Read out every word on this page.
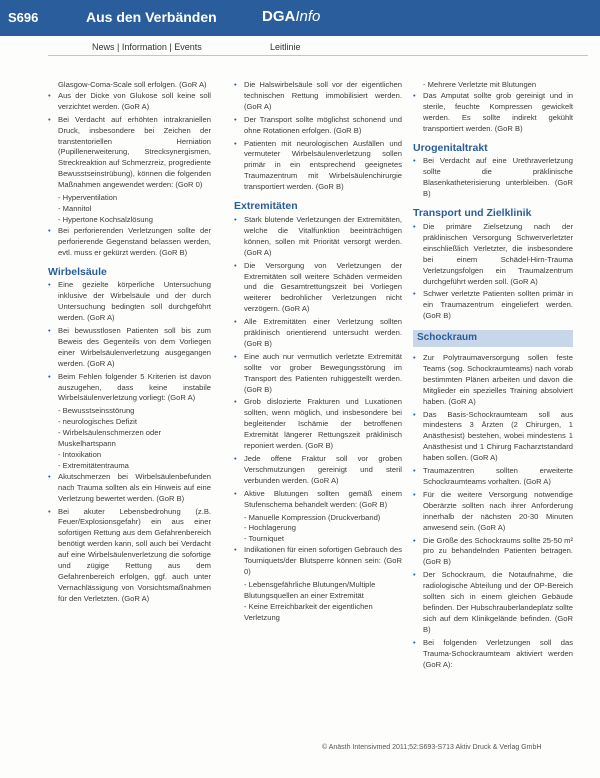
S696	Aus den Verbänden	DGAInfo
News | Information | Events	Leitlinie

Glasgow-Coma-Scale soll erfolgen. (GoR A)

• Aus der Dicke von Glukose soll keine soll verzichtet werden. (GoR A)
• Bei Verdacht auf erhöhten intrakraniellen Druck, insbesondere bei Zeichen der transtentoriellen Herniation (Pupillenerweiterung, Strecksynergismen, Streckreaktion auf Schmerzreiz, progrediente Bewusstseinstrübung), können die folgenden Maßnahmen angewendet werden: (GoR 0)
- Hyperventilation
- Mannitol
- Hypertone Kochsalzlösung
• Bei perforierenden Verletzungen sollte der perforierende Gegenstand belassen werden, evtl. muss er gekürzt werden. (GoR B)
Wirbelsäule
• Eine gezielte körperliche Untersuchung inklusive der Wirbelsäule und der durch Untersuchung bedingten soll durchgeführt werden. (GoR A)
• Bei bewusstlosen Patienten soll bis zum Beweis des Gegenteils von dem Vorliegen einer Wirbelsäulenverletzung ausgegangen werden. (GoR A)
• Beim Fehlen folgender 5 Kriterien ist davon auszugehen, dass keine instabile Wirbelsäulenverletzung vorliegt: (GoR A)
- Bewusstseinsstörung
- neurologisches Defizit
- Wirbelsäulenschmerzen oder Muskelhartspann
- Intoxikation
- Extremitätentrauma
• Akutschmerzen bei Wirbelsäulenbefunden nach Trauma sollten als ein Hinweis auf eine Verletzung bewertet werden. (GoR B)
• Bei akuter Lebensbedrohung (z.B. Feuer/Explosionsgefahr) ein aus einer sofortigen Rettung aus dem Gefahrenbereich benötigt werden kann, soll auch bei Verdacht auf eine Wirbelsäulenverletzung die sofortige und zügige Rettung aus dem Gefahrenbereich erfolgen, ggf. auch unter Vernachlässigung von Vorsichtsmaßnahmen für den Verletzten. (GoR A)
• Die Halswirbelsäule soll vor der eigentlichen technischen Rettung immobilisiert werden. (GoR A)
• Der Transport sollte möglichst schonend und ohne Rotationen erfolgen. (GoR B)
• Patienten mit neurologischen Ausfällen und vermuteter Wirbelsäulenverletzung sollen primär in ein entsprechend geeignetes Traumazentrum mit Wirbelsäulenchirurgie transportiert werden. (GoR B)
Extremitäten
• Stark blutende Verletzungen der Extremitäten, welche die Vitalfunktion beeinträchtigen können, sollen mit Priorität versorgt werden. (GoR A)
• Die Versorgung von Verletzungen der Extremitäten soll weitere Schäden vermeiden und die Gesamtrettungszeit bei Vorliegen weiterer bedrohlicher Verletzungen nicht verzögern. (GoR A)
• Alle Extremitäten einer Verletzung sollten präklinisch orientierend untersucht werden. (GoR B)
• Eine auch nur vermutlich verletzte Extremität sollte vor grober Bewegungsstörung im Transport des Patienten ruhiggestellt werden. (GoR B)
• Grob dislozierte Frakturen und Luxationen sollten, wenn möglich, und insbesondere bei begleitender Ischämie der betroffenen Extremität längerer Rettungszeit präklinisch reponiert werden. (GoR B)
• Jede offene Fraktur soll vor groben Verschmutzungen gereinigt und steril verbunden werden. (GoR A)
• Aktive Blutungen sollten gemäß einem Stufenschema behandelt werden: (GoR B)
- Manuelle Kompression (Druckverband)
- Hochlagerung
- Tourniquet
• Indikationen für einen sofortigen Gebrauch des Tourniquets/der Blutsperre können sein: (GoR 0)
- Lebensgefährliche Blutungen/Multiple Blutungsquellen an einer Extremität
- Keine Erreichbarkeit der eigentlichen Verletzung
- Mehrere Verletzte mit Blutungen
• Das Amputat sollte grob gereinigt und in sterile, feuchte Kompressen gewickelt werden. Es sollte indirekt gekühlt transportiert werden. (GoR B)
Urogenitaltrakt
• Bei Verdacht auf eine Urethraverletzung sollte die präklinische Blasenkatheterisierung unterbleiben. (GoR B)
Transport und Zielklinik
• Die primäre Zielsetzung nach der präklinischen Versorgung Schwerverletzter einschließlich Verletzter, die insbesondere bei einem Schädel-Hirn-Trauma Verletzungsfolgen ein Traumalzentrum durchgeführt werden soll. (GoR A)
• Schwer verletzte Patienten sollten primär in ein Traumazentrum eingeliefert werden. (GoR B)
Schockraum
• Zur Polytraumaversorgung sollen feste Teams (sog. Schockraumteams) nach vorab bestimmten Plänen arbeiten und davon die Mitglieder ein spezielles Training absolviert haben. (GoR A)
• Das Basis-Schockraumteam soll aus mindestens 3 Ärzten (2 Chirurgen, 1 Anästhesist) bestehen, wobei mindestens 1 Anästhesist und 1 Chirurg Facharztstandard haben sollen. (GoR A)
• Traumazentren sollten erweiterte Schockraumteams vorhalten. (GoR A)
• Für die weitere Versorgung notwendige Oberärzte sollten nach ihrer Anforderung innerhalb der nächsten 20-30 Minuten anwesend sein. (GoR A)
• Die Größe des Schockraums sollte 25-50 m² pro zu behandelnden Patienten betragen. (GoR B)
• Der Schockraum, die Notaufnahme, die radiologische Abteilung und der OP-Bereich sollten sich in einem gleichen Gebäude befinden. Der Hubschrauberlandeplatz sollte sich auf dem Klinikgelände befinden. (GoR B)
• Bei folgenden Verletzungen soll das Trauma-Schockraumteam aktiviert werden (GoR A):
© Anästh Intensivmed 2011;52:S693-S713 Aktiv Druck & Verlag GmbH
